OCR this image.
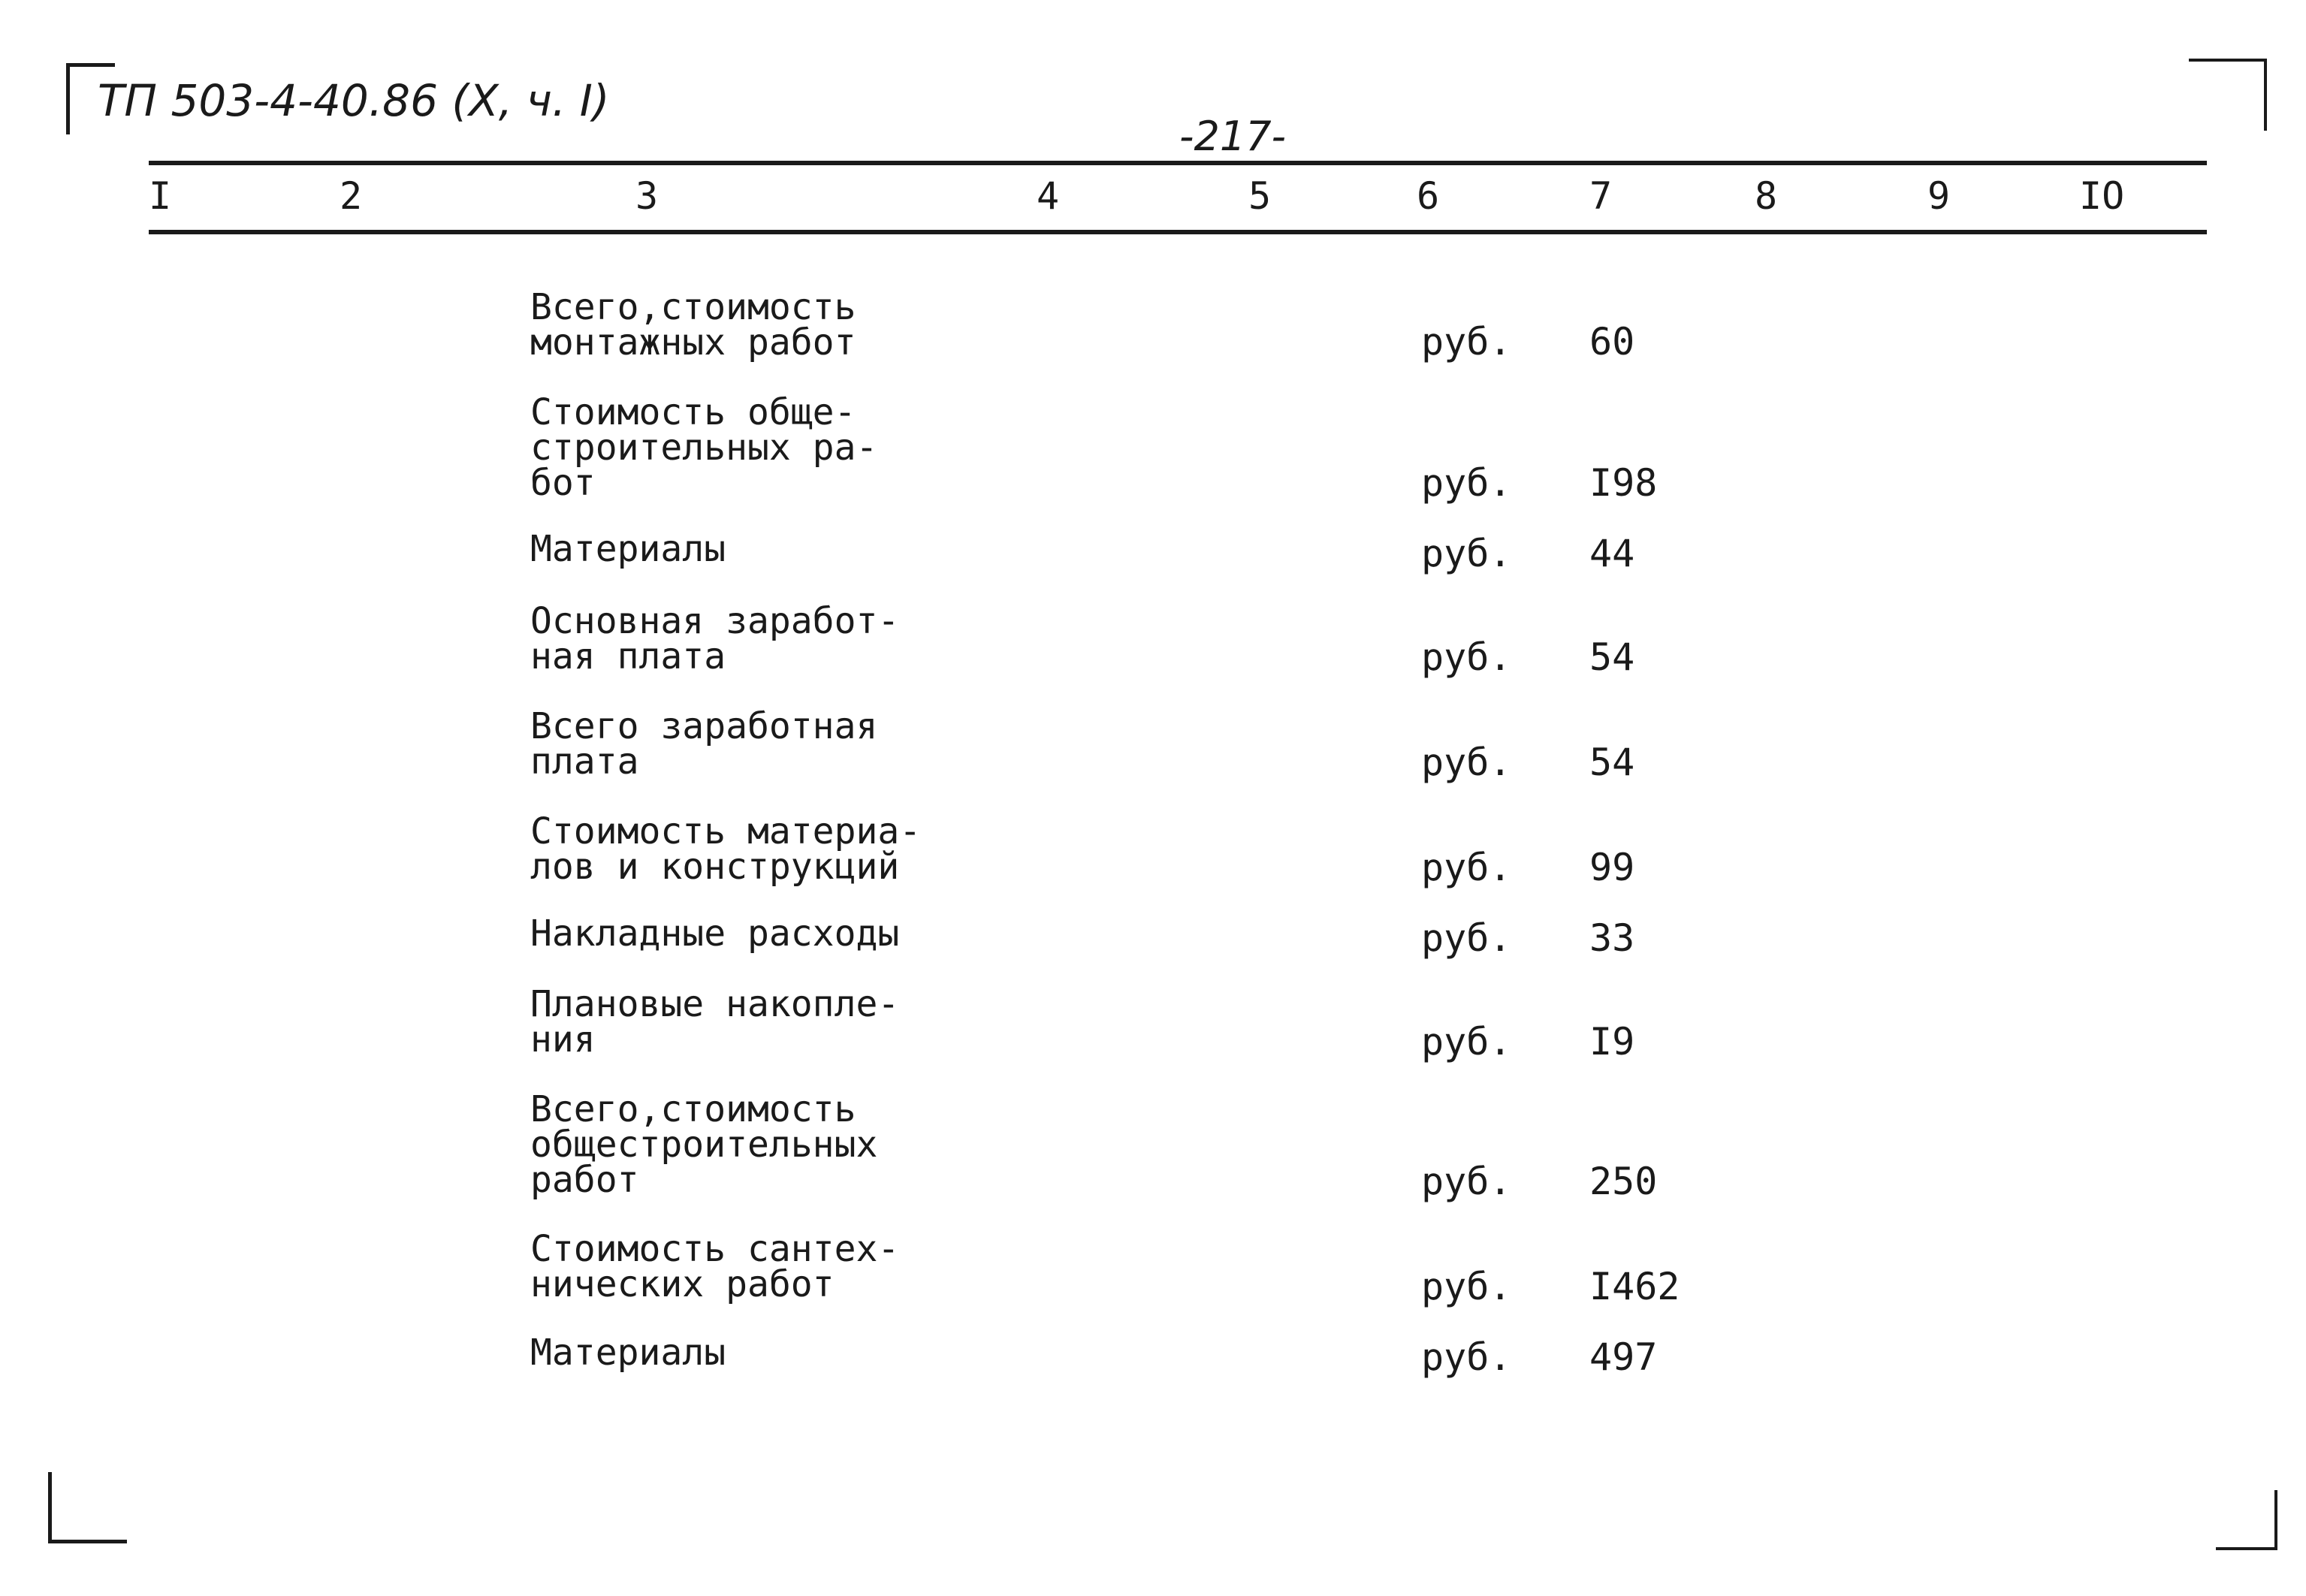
ТП 503-4-40.86 (X, ч. I)
-217-
I	2	3	4	5	6	7	8	9	IO
Всего,стоимость
монтажных работ	руб. 60
Стоимость обще-
строительных ра-
бот	руб. I98
Материалы	руб. 44
Основная заработ-
ная плата	руб. 54
Всего заработная
плата	руб. 54
Стоимость материа-
лов и конструкций	руб. 99
Накладные расходы	руб. 33
Плановые накопле-
ния	руб. I9
Всего,стоимость
общестроительных
работ	руб. 250
Стоимость сантех-
нических работ	руб. I462
Материалы	руб. 497
